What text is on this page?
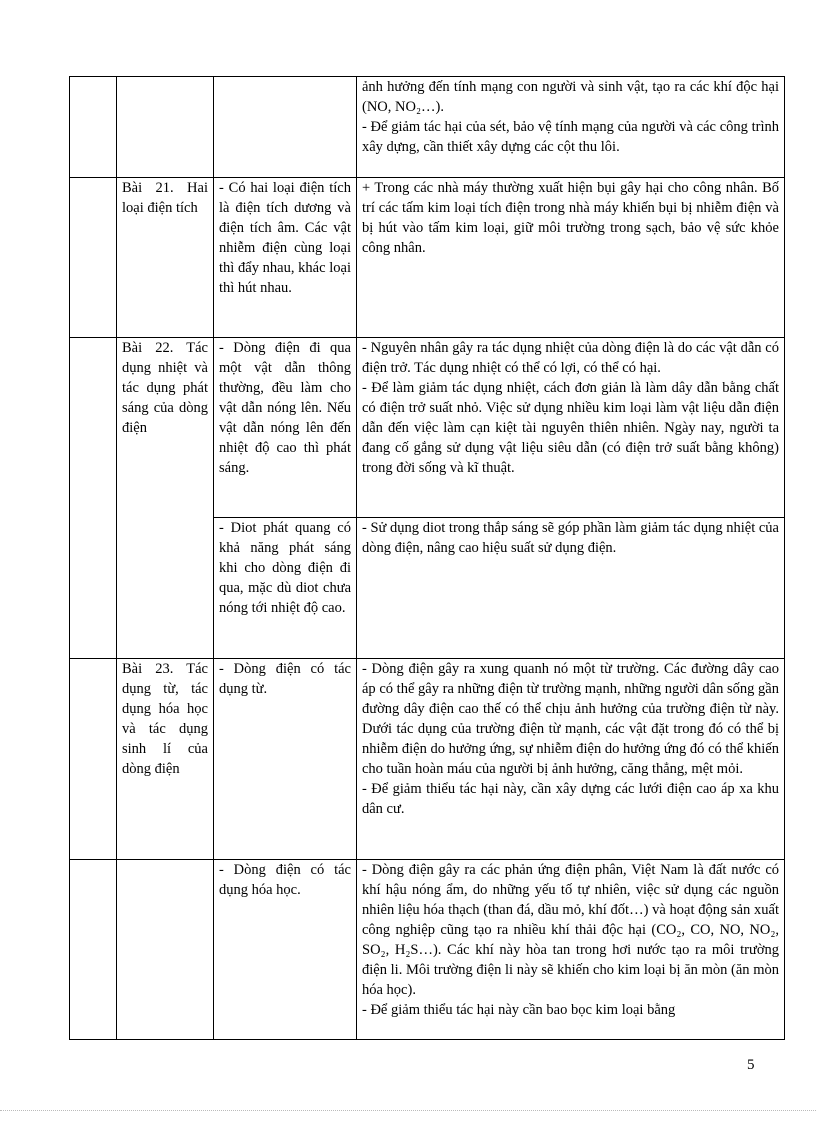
			ảnh hưởng đến tính mạng con người và sinh vật, tạo ra các khí độc hại (NO, NO₂…).

- Để giảm tác hại của sét, bảo vệ tính mạng của người và các công trình xây dựng, cần thiết xây dựng các cột thu lôi.

	Bài 21. Hai loại điện tích	- Có hai loại điện tích là điện tích dương và điện tích âm. Các vật nhiễm điện cùng loại thì đẩy nhau, khác loại thì hút nhau.	+ Trong các nhà máy thường xuất hiện bụi gây hại cho công nhân. Bố trí các tấm kim loại tích điện trong nhà máy khiến bụi bị nhiễm điện và bị hút vào tấm kim loại, giữ môi trường trong sạch, bảo vệ sức khỏe công nhân.

	Bài 22. Tác dụng nhiệt và tác dụng phát sáng của dòng điện	- Dòng điện đi qua một vật dẫn thông thường, đều làm cho vật dẫn nóng lên. Nếu vật dẫn nóng lên đến nhiệt độ cao thì phát sáng.	- Nguyên nhân gây ra tác dụng nhiệt của dòng điện là do các vật dẫn có điện trở. Tác dụng nhiệt có thể có lợi, có thể có hại.

- Để làm giảm tác dụng nhiệt, cách đơn giản là làm dây dẫn bằng chất có điện trở suất nhỏ. Việc sử dụng nhiều kim loại làm vật liệu dẫn điện dẫn đến việc làm cạn kiệt tài nguyên thiên nhiên. Ngày nay, người ta đang cố gắng sử dụng vật liệu siêu dẫn (có điện trở suất bằng không) trong đời sống và kĩ thuật.

		- Diot phát quang có khả năng phát sáng khi cho dòng điện đi qua, mặc dù diot chưa nóng tới nhiệt độ cao.	- Sử dụng diot trong thắp sáng sẽ góp phần làm giảm tác dụng nhiệt của dòng điện, nâng cao hiệu suất sử dụng điện.

	Bài 23. Tác dụng từ, tác dụng hóa học và tác dụng sinh lí của dòng điện	- Dòng điện có tác dụng từ.	- Dòng điện gây ra xung quanh nó một từ trường. Các đường dây cao áp có thể gây ra những điện từ trường mạnh, những người dân sống gần đường dây điện cao thế có thể chịu ảnh hưởng của trường điện từ này. Dưới tác dụng của trường điện từ mạnh, các vật đặt trong đó có thể bị nhiễm điện do hưởng ứng, sự nhiễm điện do hưởng ứng đó có thể khiến cho tuần hoàn máu của người bị ảnh hưởng, căng thẳng, mệt mỏi.

- Để giảm thiểu tác hại này, cần xây dựng các lưới điện cao áp xa khu dân cư.

		- Dòng điện có tác dụng hóa học.	- Dòng điện gây ra các phản ứng điện phân, Việt Nam là đất nước có khí hậu nóng ẩm, do những yếu tố tự nhiên, việc sử dụng các nguồn nhiên liệu hóa thạch (than đá, dầu mỏ, khí đốt…) và hoạt động sản xuất công nghiệp cũng tạo ra nhiều khí thải độc hại (CO₂, CO, NO, NO₂, SO₂, H₂S…). Các khí này hòa tan trong hơi nước tạo ra môi trường điện li. Môi trường điện li này sẽ khiến cho kim loại bị ăn mòn (ăn mòn hóa học).

- Để giảm thiểu tác hại này cần bao bọc kim loại bằng

5
